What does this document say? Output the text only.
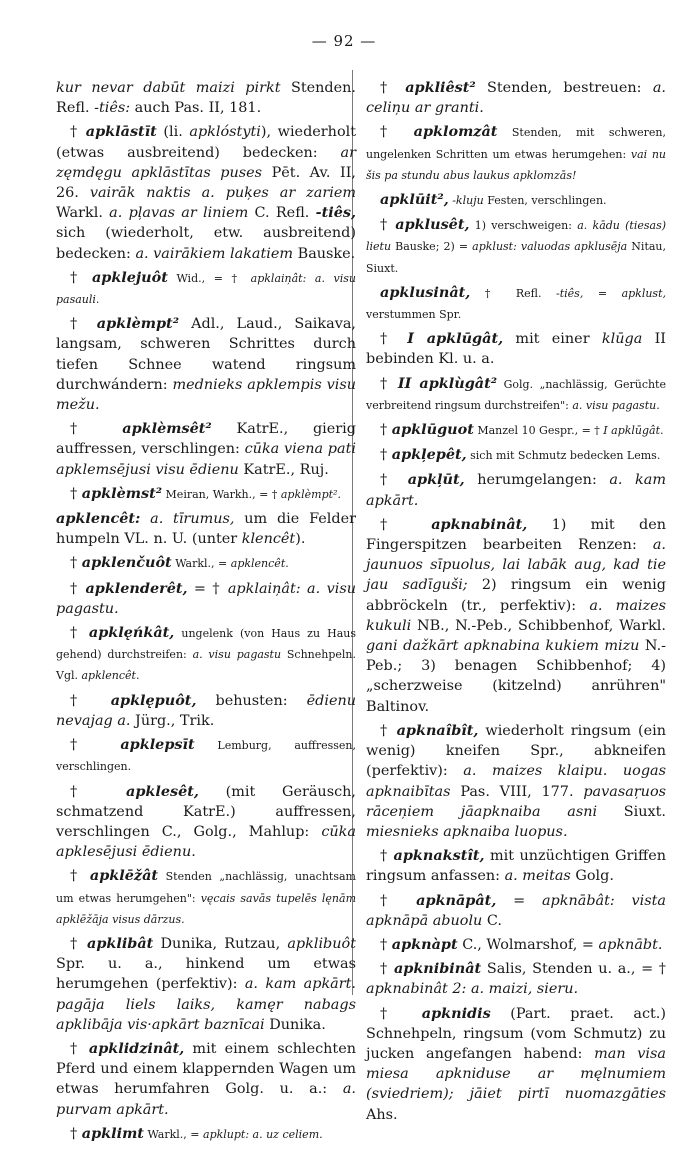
— 92 —

kur nevar dabūt maizi pirkt Stenden. Refl. -tiês: auch Pas. II, 181.

† apklāstīt (li. apklóstyti), wiederholt (etwas ausbreitend) bedecken: ar zęmdęgu apklāstītas puses Pēt. Av. II, 26. vairāk naktis a. puķes ar zariem Warkl. a. pļavas ar liniem C. Refl. -tiês, sich (wiederholt, etw. ausbreitend) bedecken: a. vairākiem lakatiem Bauske.

† apklejuôt Wid., = † apklaiņât: a. visu pasauli.

† apklèmpt² Adl., Laud., Saikava, langsam, schweren Schrittes durch tiefen Schnee watend ringsum durchwándern: mednieks apklempis visu mežu.

† apklèmsêt² KatrE., gierig auffressen, verschlingen: cūka viena pati apklemsējusi visu ēdienu KatrE., Ruj.

† apklèmst² Meiran, Warkh., = † apklèmpt².

apklencêt: a. tīrumus, um die Felder humpeln VL. n. U. (unter klencêt).

† apklenčuôt Warkl., = apklencêt.

† apklenderêt, = † apklaiņât: a. visu pagastu.

† apklęńkât, ungelenk (von Haus zu Haus gehend) durchstreifen: a. visu pagastu Schnehpeln. Vgl. apklencêt.

† apklępuôt, behusten: ēdienu nevajag a. Jürg., Trik.

† apklepsīt Lemburg, auffressen, verschlingen.

† apklesêt, (mit Geräusch, schmatzend KatrE.) auffressen, verschlingen C., Golg., Mahlup: cūka apklesējusi ēdienu.

† apklēžât Stenden „nachlässig, unachtsam um etwas herumgehen": vęcais savās tupelēs lęnām apklēžāja visus dārzus.

† apklibât Dunika, Rutzau, apklibuôt Spr. u. a., hinkend um etwas herumgehen (perfektiv): a. kam apkārt. pagāja liels laiks, kamęr nabags apklibāja vis·apkārt baznīcai Dunika.

† apklidzinât, mit einem schlechten Pferd und einem klappernden Wagen um etwas herumfahren Golg. u. a.: a. purvam apkārt.

† apklimt Warkl., = apklupt: a. uz celiem.

† apkliêst² Stenden, bestreuen: a. celiņu ar granti.

† apklomzât Stenden, mit schweren, ungelenken Schritten um etwas herumgehen: vai nu šis pa stundu abus laukus apklomzās!

apklūit², -kluju Festen, verschlingen.

† apklusêt, 1) verschweigen: a. kādu (tiesas) lietu Bauske; 2) = apklust: valuodas apklusēja Nitau, Siuxt.

apklusinât, † Refl. -tiês, = apklust, verstummen Spr.

† I apklūgât, mit einer klūga II bebinden Kl. u. a.

† II apklùgât² Golg. „nachlässig, Gerüchte verbreitend ringsum durchstreifen": a. visu pagastu.

† apklūguot Manzel 10 Gespr., = † I apklūgât.

† apkļepêt, sich mit Schmutz bedecken Lems.

† apkļūt, herumgelangen: a. kam apkārt.

† apknabinât, 1) mit den Fingerspitzen bearbeiten Renzen: a. jaunuos sīpuolus, lai labāk aug, kad tie jau sadīguši; 2) ringsum ein wenig abbröckeln (tr., perfektiv): a. maizes kukuli NB., N.-Peb., Schibbenhof, Warkl. gani dažkārt apknabina kukiem mizu N.-Peb.; 3) benagen Schibbenhof; 4) „scherzweise (kitzelnd) anrühren" Baltinov.

† apknaîbît, wiederholt ringsum (ein wenig) kneifen Spr., abkneifen (perfektiv): a. maizes klaipu. uogas apknaibītas Pas. VIII, 177. pavasaŗuos rāceņiem jāapknaiba asni Siuxt. miesnieks apknaiba luopus.

† apknakstît, mit unzüchtigen Griffen ringsum anfassen: a. meitas Golg.

† apknāpât, = apknābât: vista apknāpā abuolu C.

† apknàpt C., Wolmarshof, = apknābt.

† apknibinât Salis, Stenden u. a., = † apknabinât 2: a. maizi, sieru.

† apknidis (Part. praet. act.) Schnehpeln, ringsum (vom Schmutz) zu jucken angefangen habend: man visa miesa apkniduse ar męlnumiem (sviedriem); jāiet pirtī nuomazgāties Ahs.
